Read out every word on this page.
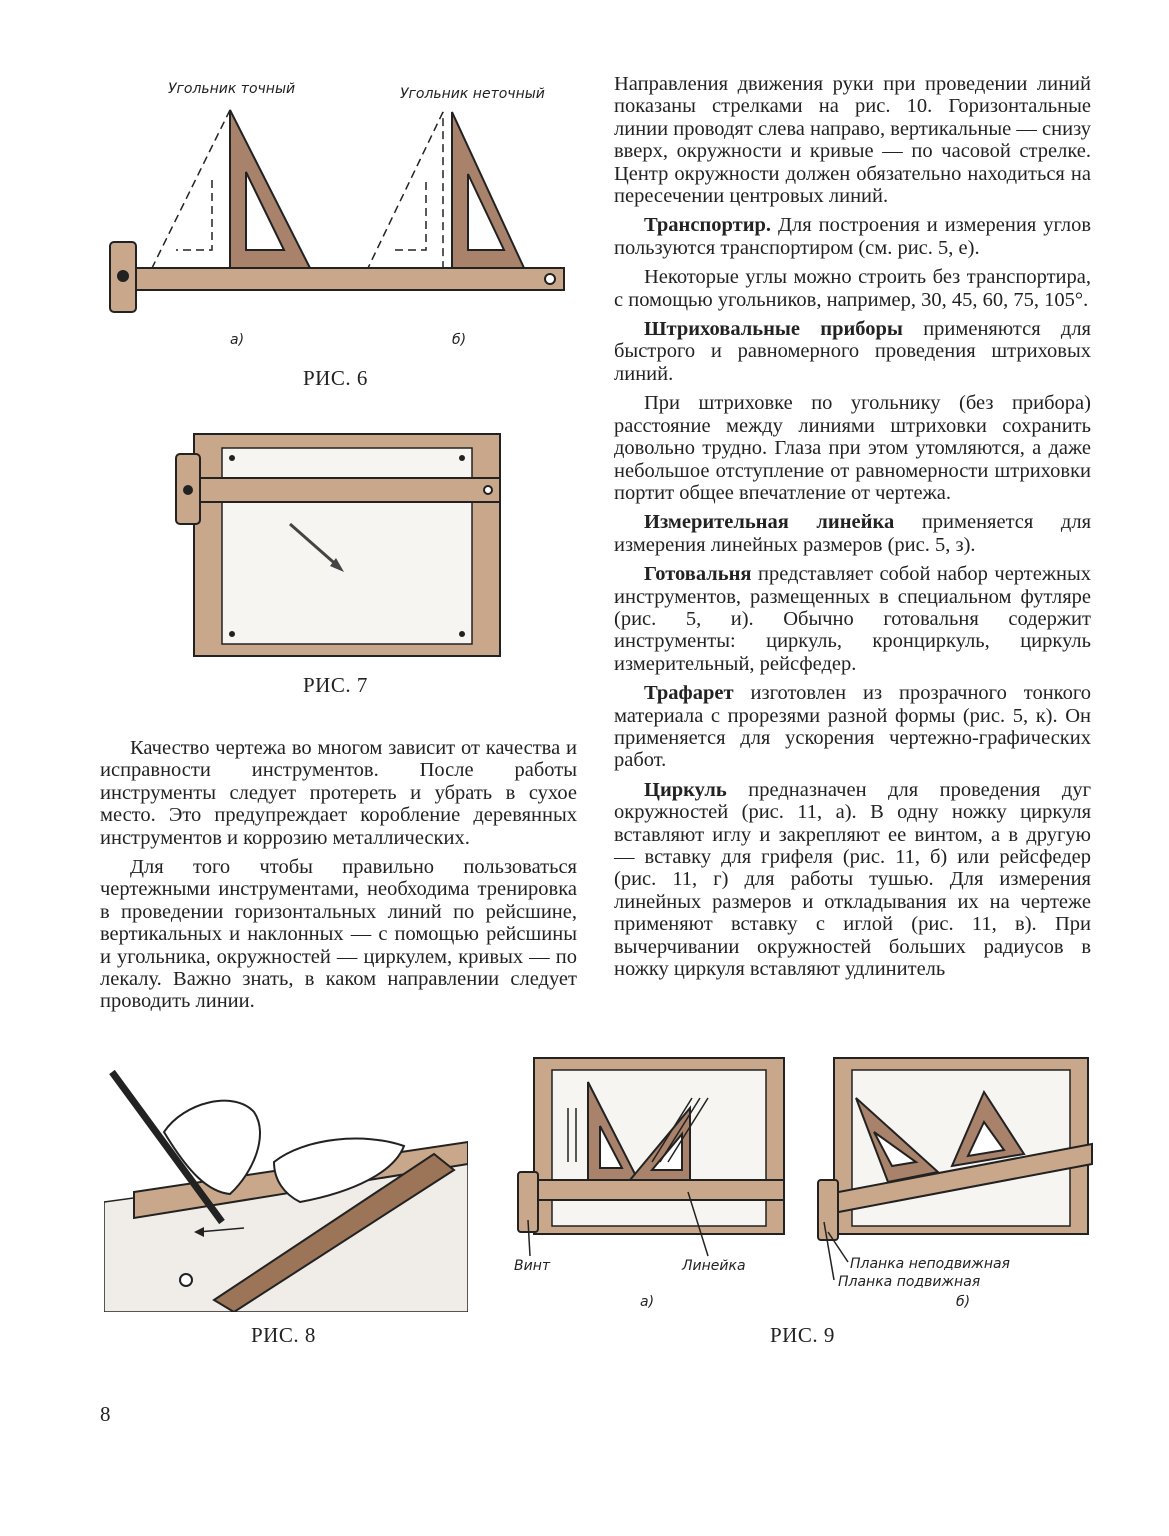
Угольник точный	Угольник неточный
а)	б)
РИС. 6
РИС. 7

Качество чертежа во многом зависит от качества и исправности инструментов. После работы инструменты следует протереть и убрать в сухое место. Это предупреждает коробление деревянных инструментов и коррозию металлических.

Для того чтобы правильно пользоваться чертежными инструментами, необходима тренировка в проведении горизонтальных линий по рейсшине, вертикальных и наклонных — с помощью рейсшины и угольника, окружностей — циркулем, кривых — по лекалу. Важно знать, в каком направлении следует проводить линии.

Направления движения руки при проведении линий показаны стрелками на рис. 10. Горизонтальные линии проводят слева направо, вертикальные — снизу вверх, окружности и кривые — по часовой стрелке. Центр окружности должен обязательно находиться на пересечении центровых линий.

Транспортир. Для построения и измерения углов пользуются транспортиром (см. рис. 5, е).

Некоторые углы можно строить без транспортира, с помощью угольников, например, 30, 45, 60, 75, 105°.

Штриховальные приборы применяются для быстрого и равномерного проведения штриховых линий.

При штриховке по угольнику (без прибора) расстояние между линиями штриховки сохранить довольно трудно. Глаза при этом утомляются, а даже небольшое отступление от равномерности штриховки портит общее впечатление от чертежа.

Измерительная линейка применяется для измерения линейных размеров (рис. 5, з).

Готовальня представляет собой набор чертежных инструментов, размещенных в специальном футляре (рис. 5, и). Обычно готовальня содержит инструменты: циркуль, кронциркуль, циркуль измерительный, рейсфедер.

Трафарет изготовлен из прозрачного тонкого материала с прорезями разной формы (рис. 5, к). Он применяется для ускорения чертежно-графических работ.

Циркуль предназначен для проведения дуг окружностей (рис. 11, а). В одну ножку циркуля вставляют иглу и закрепляют ее винтом, а в другую — вставку для грифеля (рис. 11, б) или рейсфедер (рис. 11, г) для работы тушью. Для измерения линейных размеров и откладывания их на чертеже применяют вставку с иглой (рис. 11, в). При вычерчивании окружностей больших радиусов в ножку циркуля вставляют удлинитель

РИС. 8
Винт	Линейка
а)
Планка неподвижная
Планка подвижная
б)
РИС. 9
8
